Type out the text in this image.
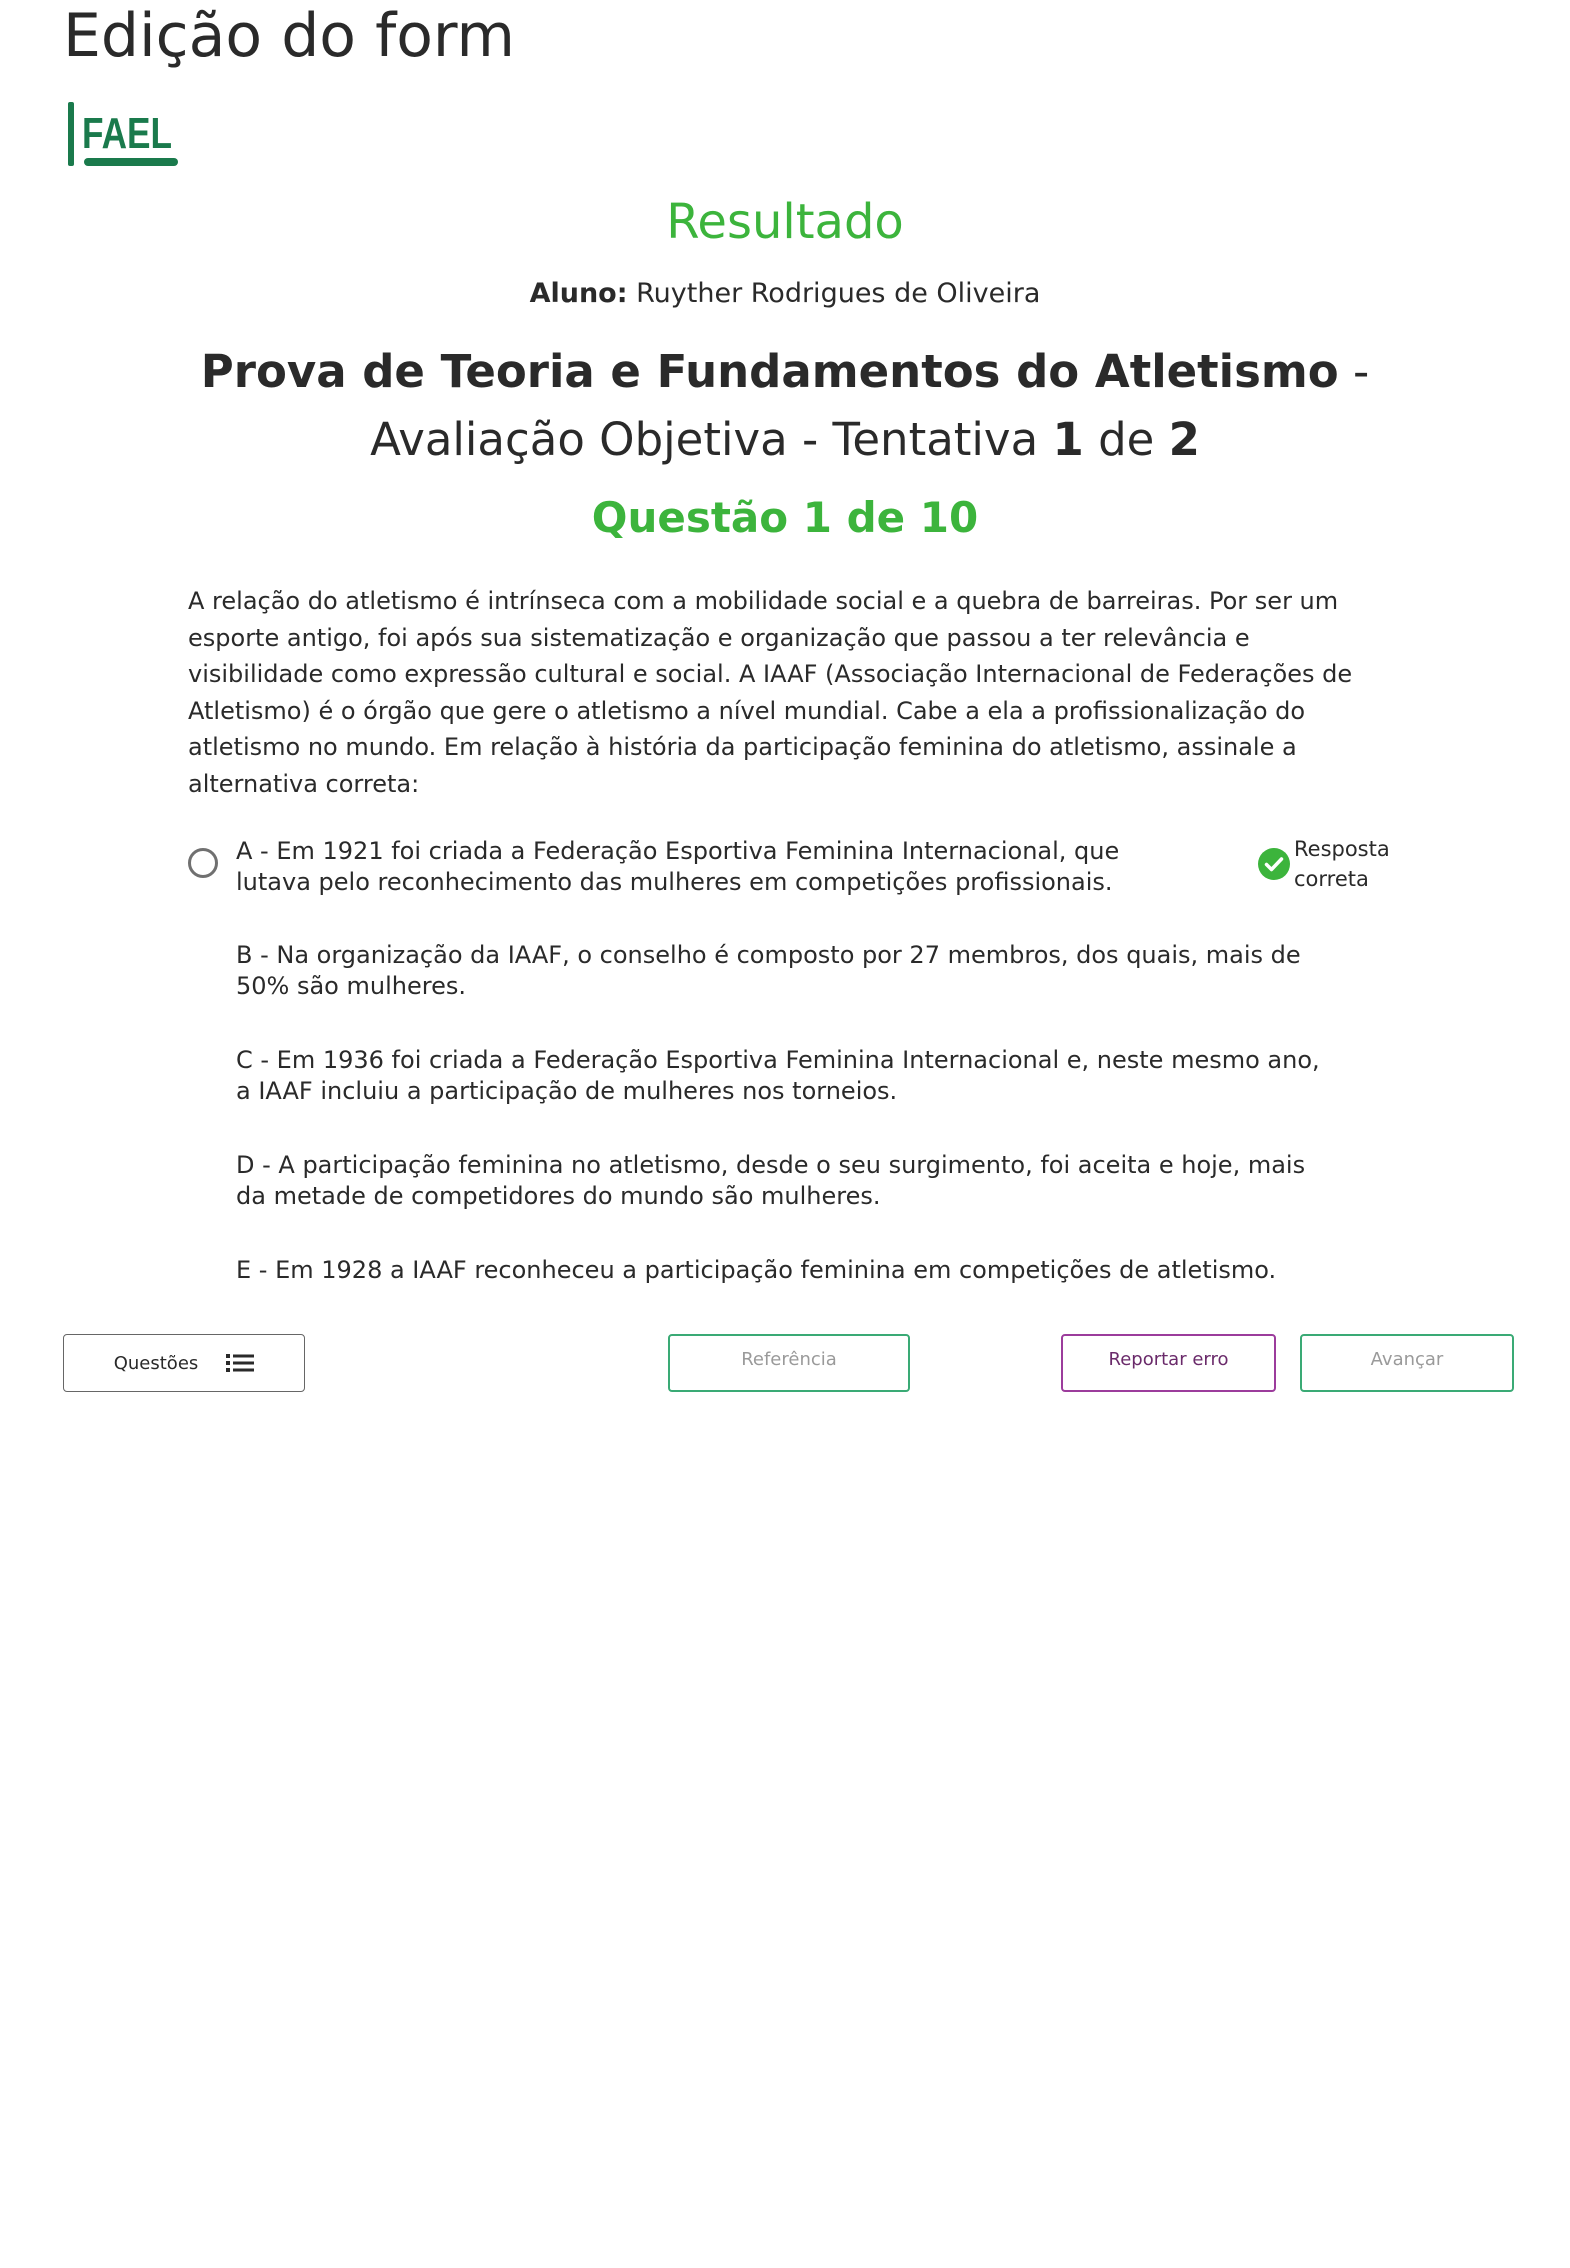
Edição do form
FAEL
Resultado
Aluno: Ruyther Rodrigues de Oliveira
Prova de Teoria e Fundamentos do Atletismo -
Avaliação Objetiva - Tentativa 1 de 2
Questão 1 de 10
A relação do atletismo é intrínseca com a mobilidade social e a quebra de barreiras. Por ser um esporte antigo, foi após sua sistematização e organização que passou a ter relevância e visibilidade como expressão cultural e social. A IAAF (Associação Internacional de Federações de Atletismo) é o órgão que gere o atletismo a nível mundial. Cabe a ela a profissionalização do atletismo no mundo. Em relação à história da participação feminina do atletismo, assinale a alternativa correta:
A - Em 1921 foi criada a Federação Esportiva Feminina Internacional, que lutava pelo reconhecimento das mulheres em competições profissionais.
Resposta correta
B - Na organização da IAAF, o conselho é composto por 27 membros, dos quais, mais de 50% são mulheres.
C - Em 1936 foi criada a Federação Esportiva Feminina Internacional e, neste mesmo ano, a IAAF incluiu a participação de mulheres nos torneios.
D - A participação feminina no atletismo, desde o seu surgimento, foi aceita e hoje, mais da metade de competidores do mundo são mulheres.
E - Em 1928 a IAAF reconheceu a participação feminina em competições de atletismo.
Questões	Referência	Reportar erro	Avançar
